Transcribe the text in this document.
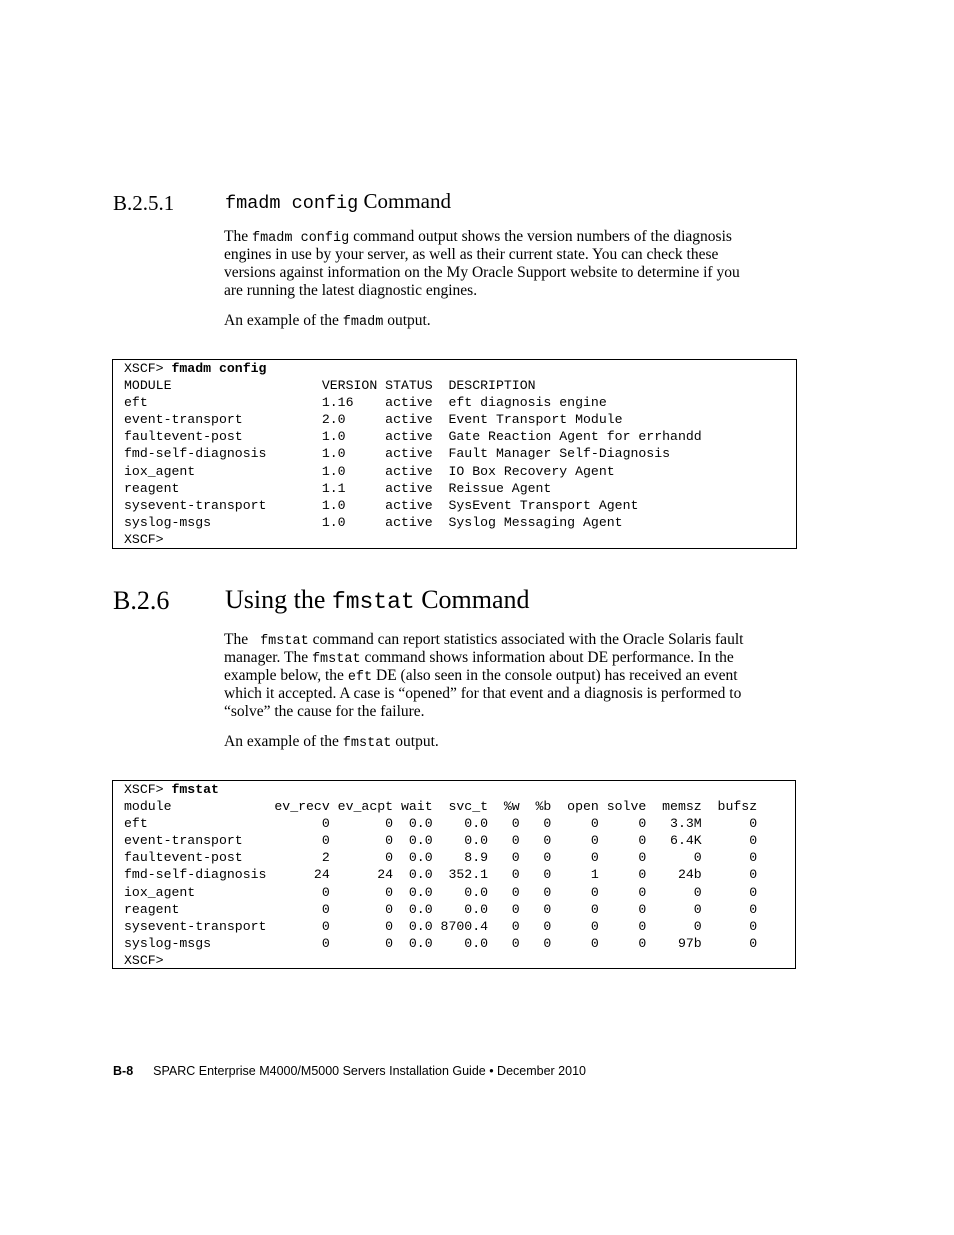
B.2.5.1	fmadm config Command
The fmadm config command output shows the version numbers of the diagnosis
engines in use by your server, as well as their current state. You can check these
versions against information on the My Oracle Support website to determine if you
are running the latest diagnostic engines.
An example of the fmadm output.
XSCF> fmadm config
MODULE                   VERSION STATUS  DESCRIPTION
eft                      1.16    active  eft diagnosis engine
event-transport          2.0     active  Event Transport Module
faultevent-post          1.0     active  Gate Reaction Agent for errhandd
fmd-self-diagnosis       1.0     active  Fault Manager Self-Diagnosis
iox_agent                1.0     active  IO Box Recovery Agent
reagent                  1.1     active  Reissue Agent
sysevent-transport       1.0     active  SysEvent Transport Agent
syslog-msgs              1.0     active  Syslog Messaging Agent
XSCF>
B.2.6 Using the fmstat Command
The  fmstat command can report statistics associated with the Oracle Solaris fault
manager. The fmstat command shows information about DE performance. In the
example below, the eft DE (also seen in the console output) has received an event
which it accepted. A case is “opened” for that event and a diagnosis is performed to
“solve” the cause for the failure.
An example of the fmstat output.
XSCF> fmstat
module             ev_recv ev_acpt wait  svc_t  %w  %b  open solve  memsz  bufsz
eft                      0       0  0.0    0.0   0   0     0     0   3.3M      0
event-transport          0       0  0.0    0.0   0   0     0     0   6.4K      0
faultevent-post          2       0  0.0    8.9   0   0     0     0      0      0
fmd-self-diagnosis      24      24  0.0  352.1   0   0     1     0    24b      0
iox_agent                0       0  0.0    0.0   0   0     0     0      0      0
reagent                  0       0  0.0    0.0   0   0     0     0      0      0
sysevent-transport       0       0  0.0 8700.4   0   0     0     0      0      0
syslog-msgs              0       0  0.0    0.0   0   0     0     0    97b      0
XSCF>
B-8 SPARC Enterprise M4000/M5000 Servers Installation Guide • December 2010
